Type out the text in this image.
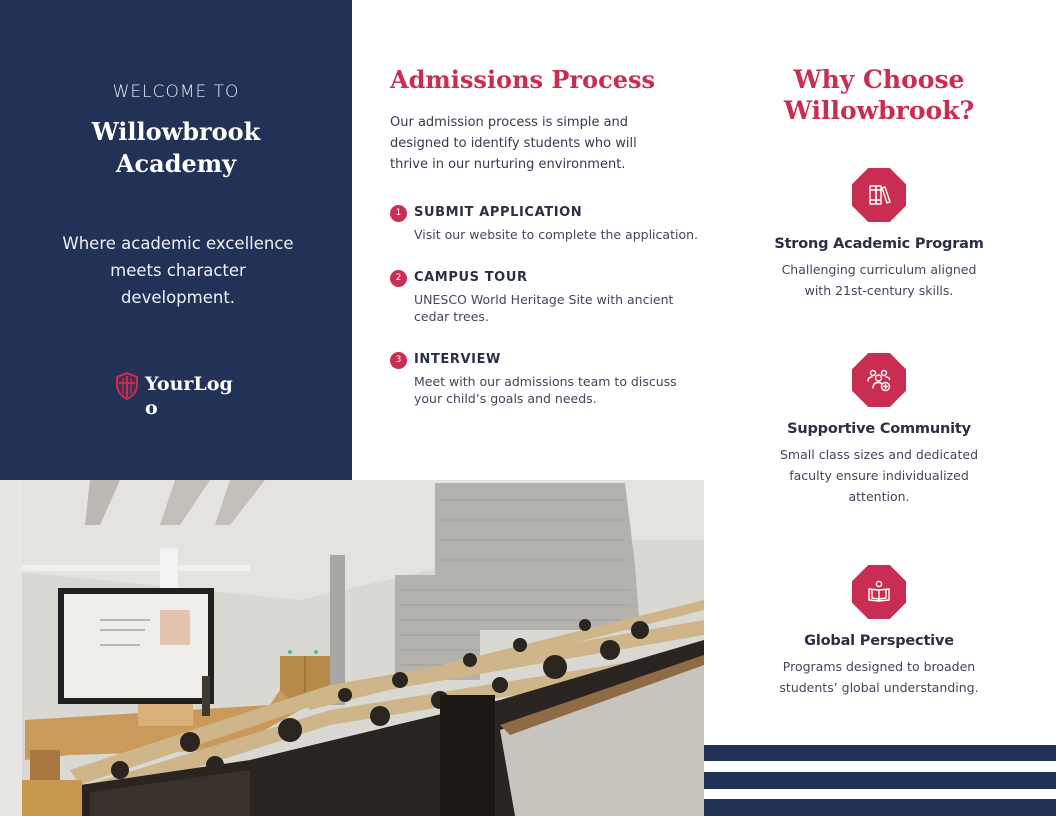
WELCOME TO
Willowbrook
Academy
Where academic excellence meets character development.
YourLogo
Admissions Process

Our admission process is simple and designed to identify students who will thrive in our nurturing environment.

1 SUBMIT APPLICATION
Visit our website to complete the application.
2 CAMPUS TOUR
UNESCO World Heritage Site with ancient cedar trees.
3 INTERVIEW
Meet with our admissions team to discuss your child’s goals and needs.
Why Choose
Willowbrook?
Strong Academic Program
Challenging curriculum aligned with 21st-century skills.
Supportive Community
Small class sizes and dedicated faculty ensure individualized attention.
Global Perspective
Programs designed to broaden students’ global understanding.
